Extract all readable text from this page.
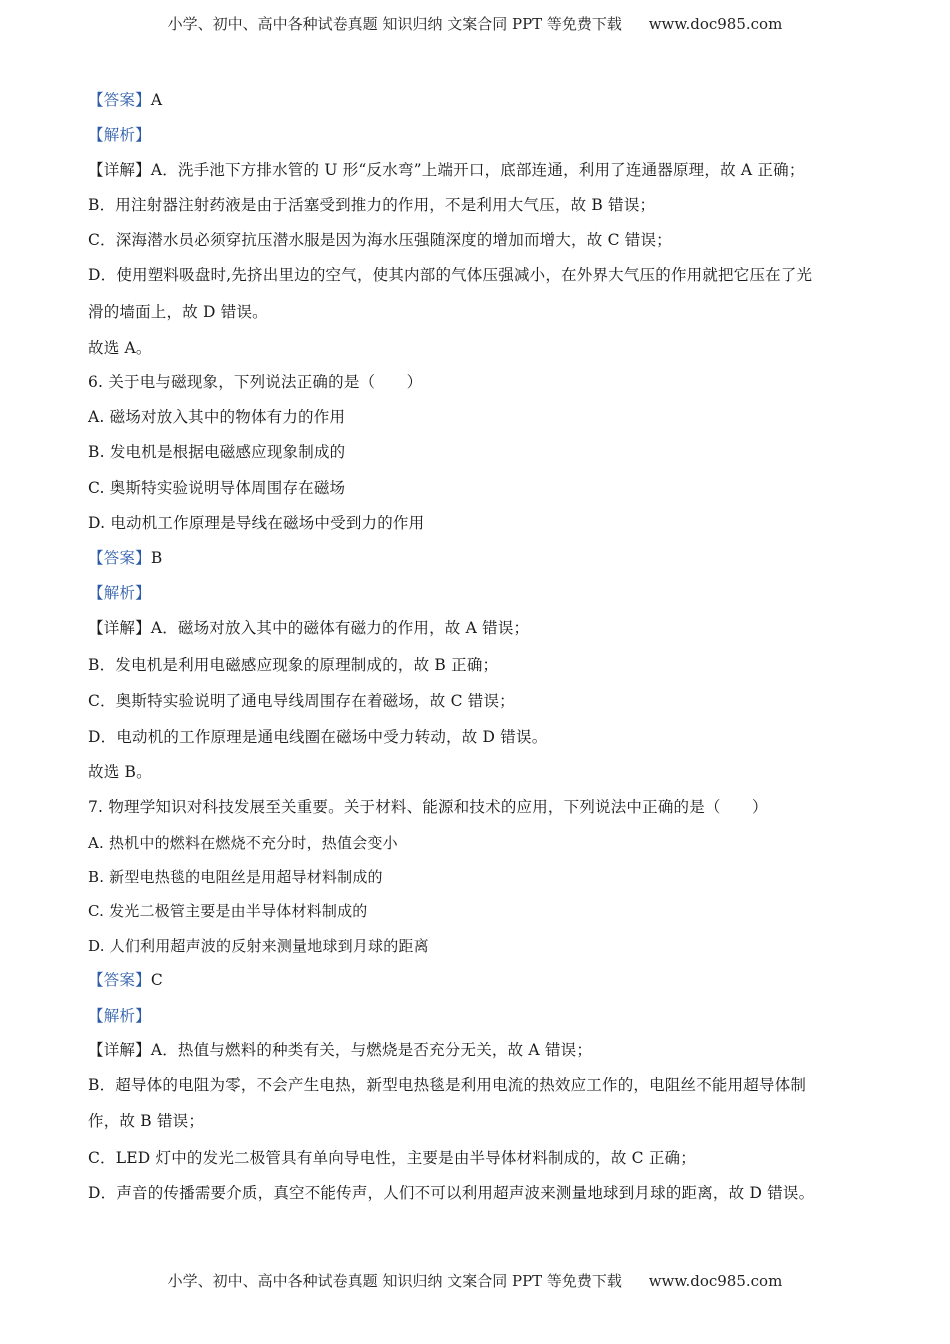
小学、初中、高中各种试卷真题 知识归纳 文案合同 PPT 等免费下载 www.doc985.com
【答案】A
【解析】
【详解】A．洗手池下方排水管的 U 形“反水弯”上端开口，底部连通，利用了连通器原理，故 A 正确；
B．用注射器注射药液是由于活塞受到推力的作用，不是利用大气压，故 B 错误；
C．深海潜水员必须穿抗压潜水服是因为海水压强随深度的增加而增大，故 C 错误；
D．使用塑料吸盘时,先挤出里边的空气，使其内部的气体压强减小，在外界大气压的作用就把它压在了光
滑的墙面上，故 D 错误。
故选 A。
6. 关于电与磁现象，下列说法正确的是（　　）
A. 磁场对放入其中的物体有力的作用
B. 发电机是根据电磁感应现象制成的
C. 奥斯特实验说明导体周围存在磁场
D. 电动机工作原理是导线在磁场中受到力的作用
【答案】B
【解析】
【详解】A．磁场对放入其中的磁体有磁力的作用，故 A 错误；
B．发电机是利用电磁感应现象的原理制成的，故 B 正确；
C．奥斯特实验说明了通电导线周围存在着磁场，故 C 错误；
D．电动机的工作原理是通电线圈在磁场中受力转动，故 D 错误。
故选 B。
7. 物理学知识对科技发展至关重要。关于材料、能源和技术的应用，下列说法中正确的是（　　）
A. 热机中的燃料在燃烧不充分时，热值会变小
B. 新型电热毯的电阻丝是用超导材料制成的
C. 发光二极管主要是由半导体材料制成的
D. 人们利用超声波的反射来测量地球到月球的距离
【答案】C
【解析】
【详解】A．热值与燃料的种类有关，与燃烧是否充分无关，故 A 错误；
B．超导体的电阻为零，不会产生电热，新型电热毯是利用电流的热效应工作的，电阻丝不能用超导体制
作，故 B 错误；
C．LED 灯中的发光二极管具有单向导电性，主要是由半导体材料制成的，故 C 正确；
D．声音的传播需要介质，真空不能传声，人们不可以利用超声波来测量地球到月球的距离，故 D 错误。
小学、初中、高中各种试卷真题 知识归纳 文案合同 PPT 等免费下载 www.doc985.com
